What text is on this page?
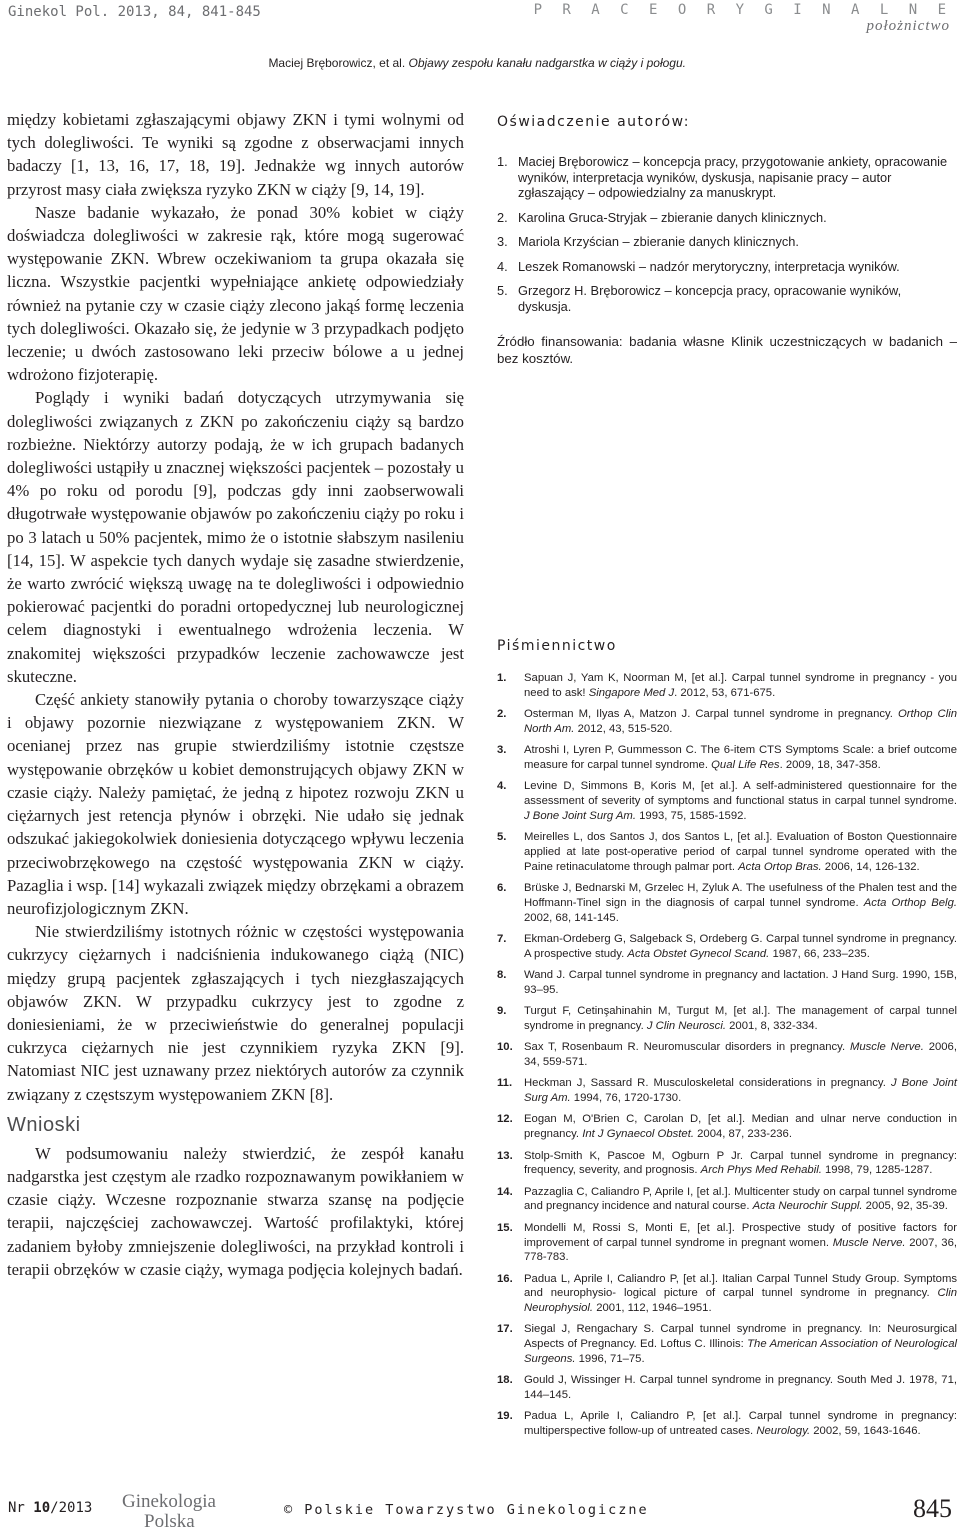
Ginekol Pol. 2013, 84, 841-845	P R A C E O R Y G I N A L N E
położnictwo
Maciej Bręborowicz, et al. Objawy zespołu kanału nadgarstka w ciąży i połogu.

między kobietami zgłaszającymi objawy ZKN i tymi wolnymi od tych dolegliwości. Te wyniki są zgodne z obserwacjami innych badaczy [1, 13, 16, 17, 18, 19]. Jednakże wg innych autorów przyrost masy ciała zwiększa ryzyko ZKN w ciąży [9, 14, 19].

Nasze badanie wykazało, że ponad 30% kobiet w ciąży doświadcza dolegliwości w zakresie rąk, które mogą sugerować występowanie ZKN. Wbrew oczekiwaniom ta grupa okazała się liczna. Wszystkie pacjentki wypełniające ankietę odpowiedziały również na pytanie czy w czasie ciąży zlecono jakąś formę leczenia tych dolegliwości. Okazało się, że jedynie w 3 przypadkach podjęto leczenie; u dwóch zastosowano leki przeciw bólowe a u jednej wdrożono fizjoterapię.

Poglądy i wyniki badań dotyczących utrzymywania się dolegliwości związanych z ZKN po zakończeniu ciąży są bardzo rozbieżne. Niektórzy autorzy podają, że w ich grupach badanych dolegliwości ustąpiły u znacznej większości pacjentek – pozostały u 4% po roku od porodu [9], podczas gdy inni zaobserwowali długotrwałe występowanie objawów po zakończeniu ciąży po roku i po 3 latach u 50% pacjentek, mimo że o istotnie słabszym nasileniu [14, 15]. W aspekcie tych danych wydaje się zasadne stwierdzenie, że warto zwrócić większą uwagę na te dolegliwości i odpowiednio pokierować pacjentki do poradni ortopedycznej lub neurologicznej celem diagnostyki i ewentualnego wdrożenia leczenia. W znakomitej większości przypadków leczenie zachowawcze jest skuteczne.

Część ankiety stanowiły pytania o choroby towarzyszące ciąży i objawy pozornie niezwiązane z występowaniem ZKN. W ocenianej przez nas grupie stwierdziliśmy istotnie częstsze występowanie obrzęków u kobiet demonstrujących objawy ZKN w czasie ciąży. Należy pamiętać, że jedną z hipotez rozwoju ZKN u ciężarnych jest retencja płynów i obrzęki. Nie udało się jednak odszukać jakiegokolwiek doniesienia dotyczącego wpływu leczenia przeciwobrzękowego na częstość występowania ZKN w ciąży. Pazaglia i wsp. [14] wykazali związek między obrzękami a obrazem neurofizjologicznym ZKN.

Nie stwierdziliśmy istotnych różnic w częstości występowania cukrzycy ciężarnych i nadciśnienia indukowanego ciążą (NIC) między grupą pacjentek zgłaszających i tych niezgłaszających objawów ZKN. W przypadku cukrzycy jest to zgodne z doniesieniami, że w przeciwieństwie do generalnej populacji cukrzyca ciężarnych nie jest czynnikiem ryzyka ZKN [9]. Natomiast NIC jest uznawany przez niektórych autorów za czynnik związany z częstszym występowaniem ZKN [8].

Wnioski

W podsumowaniu należy stwierdzić, że zespół kanału nadgarstka jest częstym ale rzadko rozpoznawanym powikłaniem w czasie ciąży. Wczesne rozpoznanie stwarza szansę na podjęcie terapii, najczęściej zachowawczej. Wartość profilaktyki, której zadaniem byłoby zmniejszenie dolegliwości, na przykład kontroli i terapii obrzęków w czasie ciąży, wymaga podjęcia kolejnych badań.

Oświadczenie autorów:
1. Maciej Bręborowicz – koncepcja pracy, przygotowanie ankiety, opracowanie wyników, interpretacja wyników, dyskusja, napisanie pracy – autor zgłaszający – odpowiedzialny za manuskrypt.
2. Karolina Gruca-Stryjak – zbieranie danych klinicznych.
3. Mariola Krzyścian – zbieranie danych klinicznych.
4. Leszek Romanowski – nadzór merytoryczny, interpretacja wyników.
5. Grzegorz H. Bręborowicz – koncepcja pracy, opracowanie wyników, dyskusja.

Źródło finansowania: badania własne Klinik uczestniczących w badanich – bez kosztów.

Piśmiennictwo
1. Sapuan J, Yam K, Noorman M, [et al.]. Carpal tunnel syndrome in pregnancy - you need to ask! Singapore Med J. 2012, 53, 671-675.
2. Osterman M, Ilyas A, Matzon J. Carpal tunnel syndrome in pregnancy. Orthop Clin North Am. 2012, 43, 515-520.
3. Atroshi I, Lyren P, Gummesson C. The 6-item CTS Symptoms Scale: a brief outcome measure for carpal tunnel syndrome. Qual Life Res. 2009, 18, 347-358.
4. Levine D, Simmons B, Koris M, [et al.]. A self-administered questionnaire for the assessment of severity of symptoms and functional status in carpal tunnel syndrome. J Bone Joint Surg Am. 1993, 75, 1585-1592.
5. Meirelles L, dos Santos J, dos Santos L, [et al.]. Evaluation of Boston Questionnaire applied at late post-operative period of carpal tunnel syndrome operated with the Paine retinaculatome through palmar port. Acta Ortop Bras. 2006, 14, 126-132.
6. Brüske J, Bednarski M, Grzelec H, Zyluk A. The usefulness of the Phalen test and the Hoffmann-Tinel sign in the diagnosis of carpal tunnel syndrome. Acta Orthop Belg. 2002, 68, 141-145.
7. Ekman-Ordeberg G, Salgeback S, Ordeberg G. Carpal tunnel syndrome in pregnancy. A prospective study. Acta Obstet Gynecol Scand. 1987, 66, 233–235.
8. Wand J. Carpal tunnel syndrome in pregnancy and lactation. J Hand Surg. 1990, 15B, 93–95.
9. Turgut F, Cetinşahinahin M, Turgut M, [et al.]. The management of carpal tunnel syndrome in pregnancy. J Clin Neurosci. 2001, 8, 332-334.
10. Sax T, Rosenbaum R. Neuromuscular disorders in pregnancy. Muscle Nerve. 2006, 34, 559-571.
11. Heckman J, Sassard R. Musculoskeletal considerations in pregnancy. J Bone Joint Surg Am. 1994, 76, 1720-1730.
12. Eogan M, O'Brien C, Carolan D, [et al.]. Median and ulnar nerve conduction in pregnancy. Int J Gynaecol Obstet. 2004, 87, 233-236.
13. Stolp-Smith K, Pascoe M, Ogburn P Jr. Carpal tunnel syndrome in pregnancy: frequency, severity, and prognosis. Arch Phys Med Rehabil. 1998, 79, 1285-1287.
14. Pazzaglia C, Caliandro P, Aprile I, [et al.]. Multicenter study on carpal tunnel syndrome and pregnancy incidence and natural course. Acta Neurochir Suppl. 2005, 92, 35-39.
15. Mondelli M, Rossi S, Monti E, [et al.]. Prospective study of positive factors for improvement of carpal tunnel syndrome in pregnant women. Muscle Nerve. 2007, 36, 778-783.
16. Padua L, Aprile I, Caliandro P, [et al.]. Italian Carpal Tunnel Study Group. Symptoms and neurophysio- logical picture of carpal tunnel syndrome in pregnancy. Clin Neurophysiol. 2001, 112, 1946–1951.
17. Siegal J, Rengachary S. Carpal tunnel syndrome in pregnancy. In: Neurosurgical Aspects of Pregnancy. Ed. Loftus C. Illinois: The American Association of Neurological Surgeons. 1996, 71–75.
18. Gould J, Wissinger H. Carpal tunnel syndrome in pregnancy. South Med J. 1978, 71, 144–145.
19. Padua L, Aprile I, Caliandro P, [et al.]. Carpal tunnel syndrome in pregnancy: multiperspective follow-up of untreated cases. Neurology. 2002, 59, 1643-1646.
Nr 10/2013 Ginekologia
Polska
© Polskie Towarzystwo Ginekologiczne	845
